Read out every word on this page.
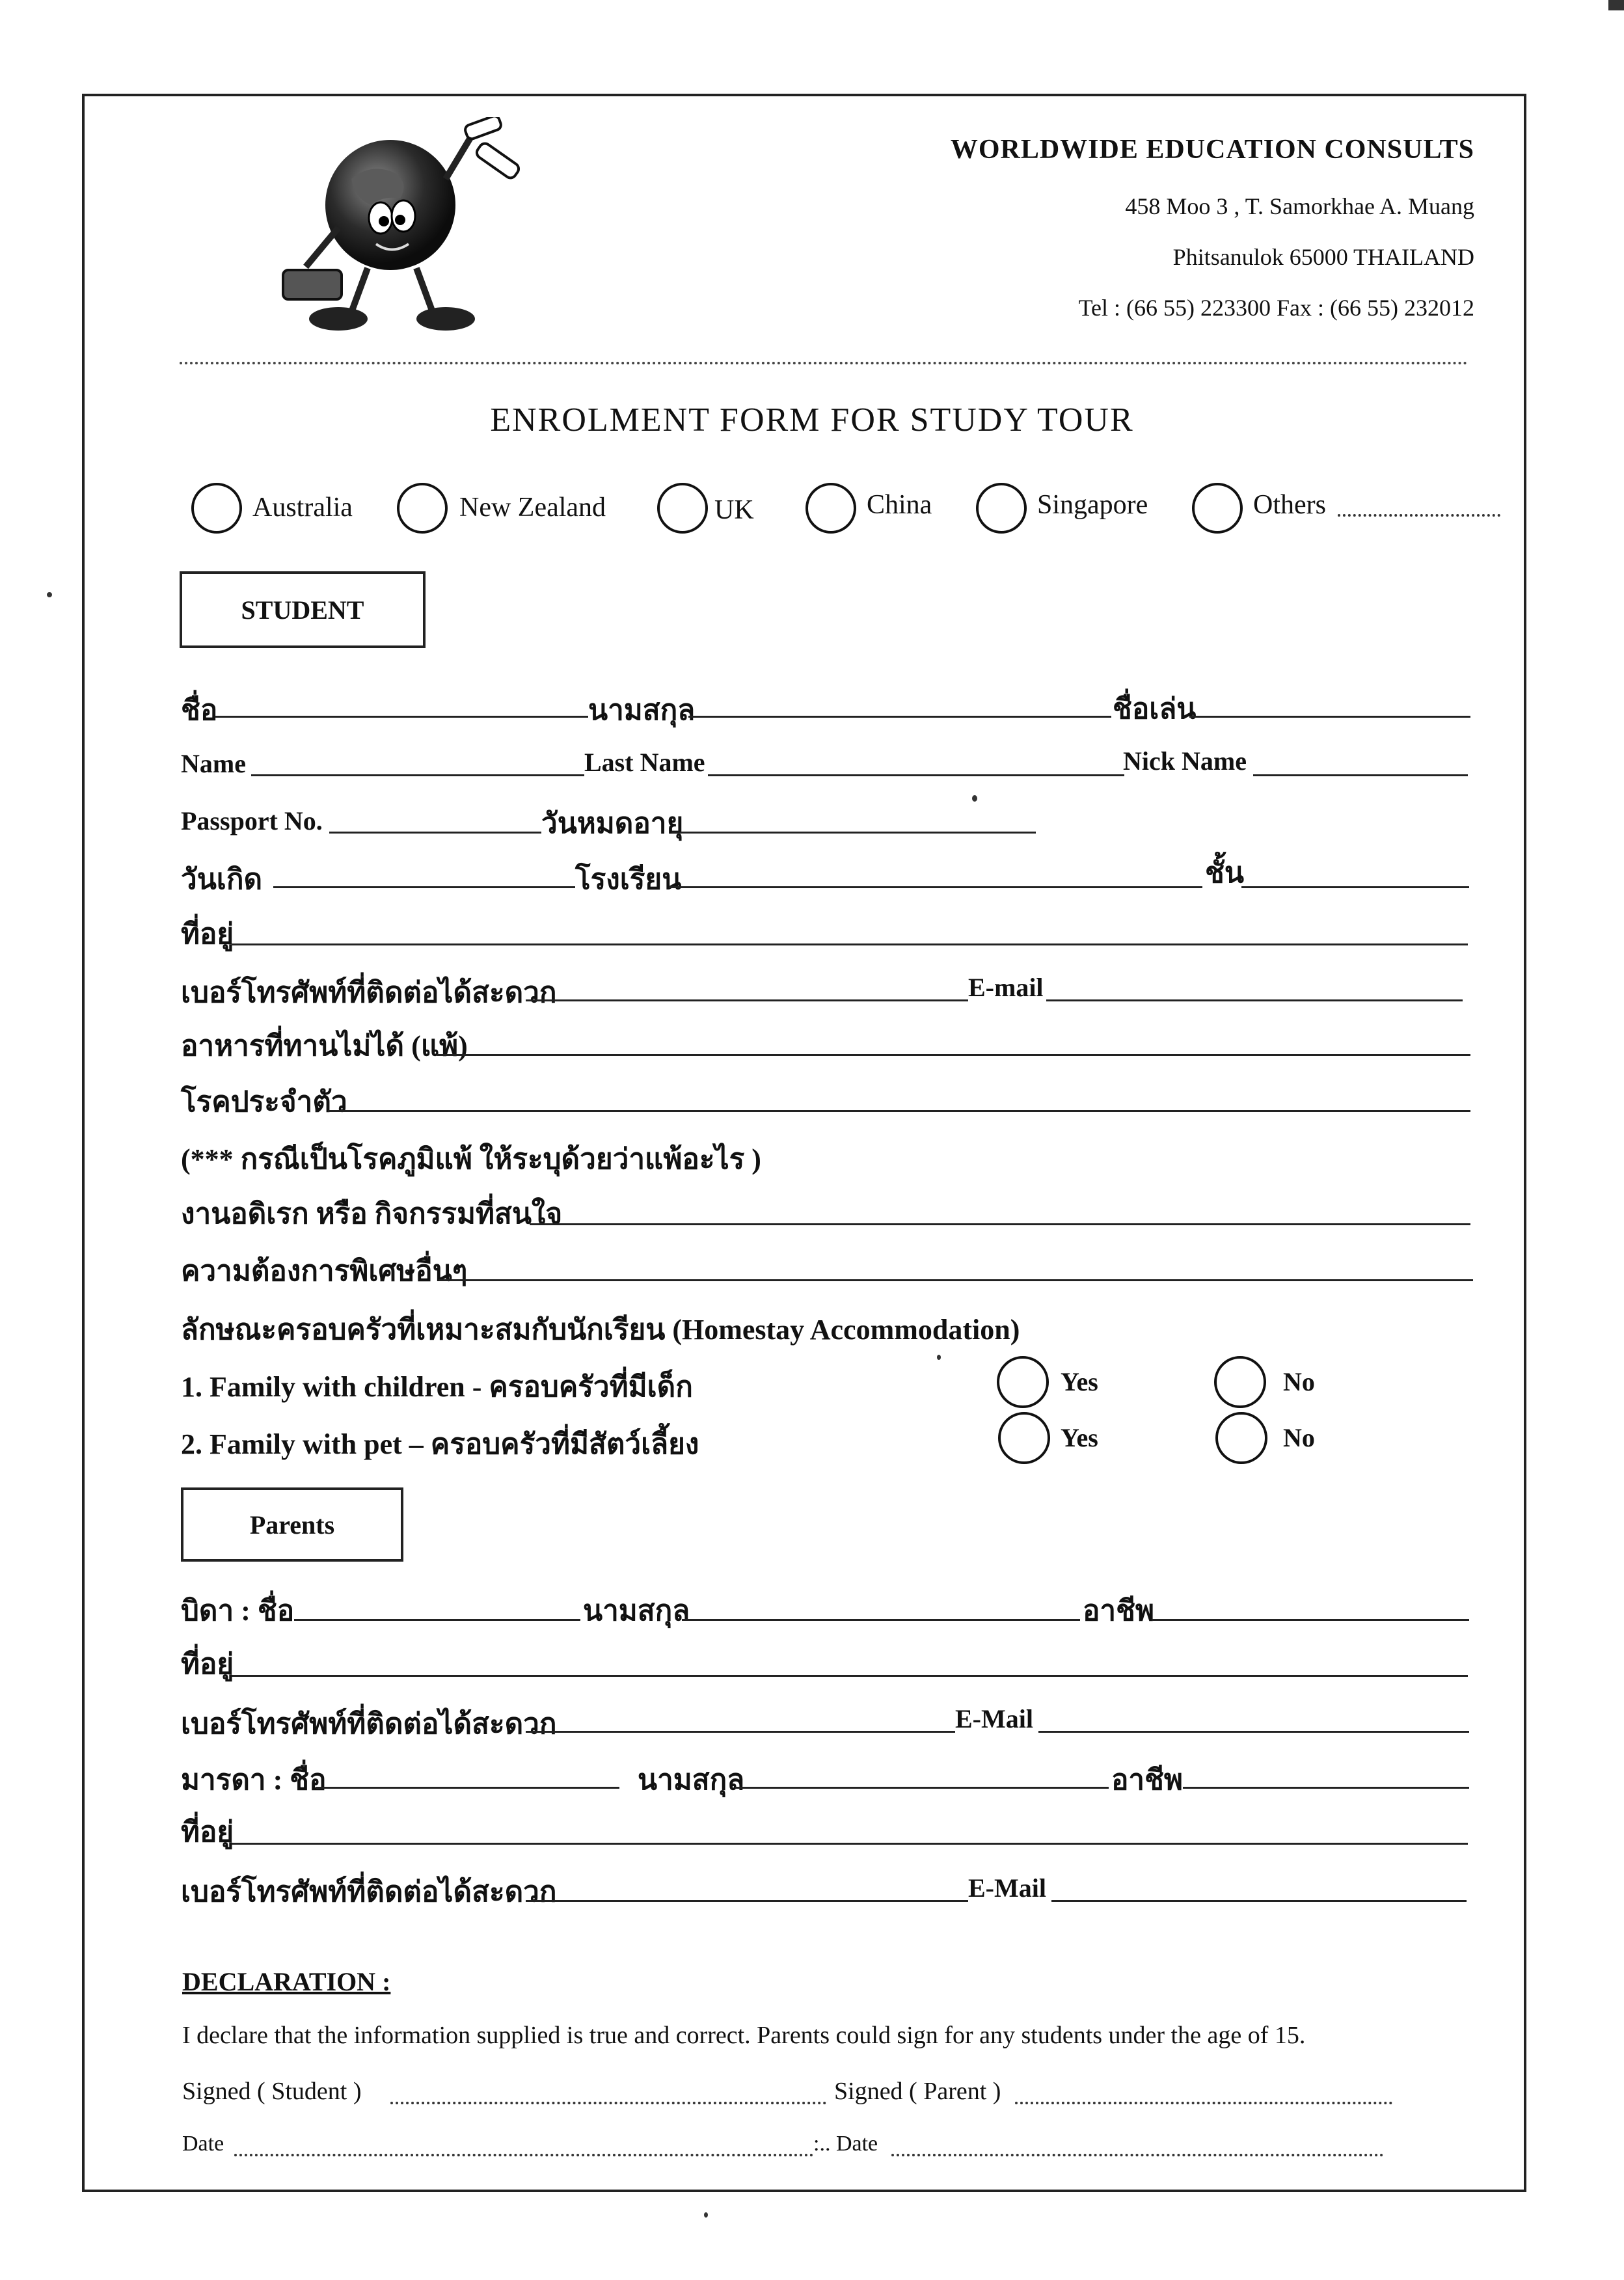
WORLDWIDE EDUCATION CONSULTS
458 Moo 3 , T. Samorkhae A. Muang
Phitsanulok 65000 THAILAND
Tel : (66 55) 223300 Fax : (66 55) 232012
ENROLMENT FORM FOR STUDY TOUR
Australia	New Zealand	UK	China	Singapore	Others
STUDENT
ชื่อ	นามสกุล	ชื่อเล่น
Name	Last Name	Nick Name
Passport No.	วันหมดอายุ
วันเกิด	โรงเรียน	ชั้น
ที่อยู่
เบอร์โทรศัพท์ที่ติดต่อได้สะดวก	E-mail
อาหารที่ทานไม่ได้ (แพ้)
โรคประจำตัว
(*** กรณีเป็นโรคภูมิแพ้ ให้ระบุด้วยว่าแพ้อะไร )
งานอดิเรก หรือ กิจกรรมที่สนใจ
ความต้องการพิเศษอื่นๆ
ลักษณะครอบครัวที่เหมาะสมกับนักเรียน (Homestay Accommodation)
1. Family with children - ครอบครัวที่มีเด็ก	Yes	No
2. Family with pet – ครอบครัวที่มีสัตว์เลี้ยง	Yes	No
Parents
บิดา : ชื่อ	นามสกุล	อาชีพ
ที่อยู่
เบอร์โทรศัพท์ที่ติดต่อได้สะดวก	E-Mail
มารดา : ชื่อ	นามสกุล	อาชีพ
ที่อยู่
เบอร์โทรศัพท์ที่ติดต่อได้สะดวก	E-Mail
DECLARATION :
I declare that the information supplied is true and correct. Parents could sign for any students under the age of 15.
Signed ( Student )	Signed ( Parent )
Date	:.. Date
